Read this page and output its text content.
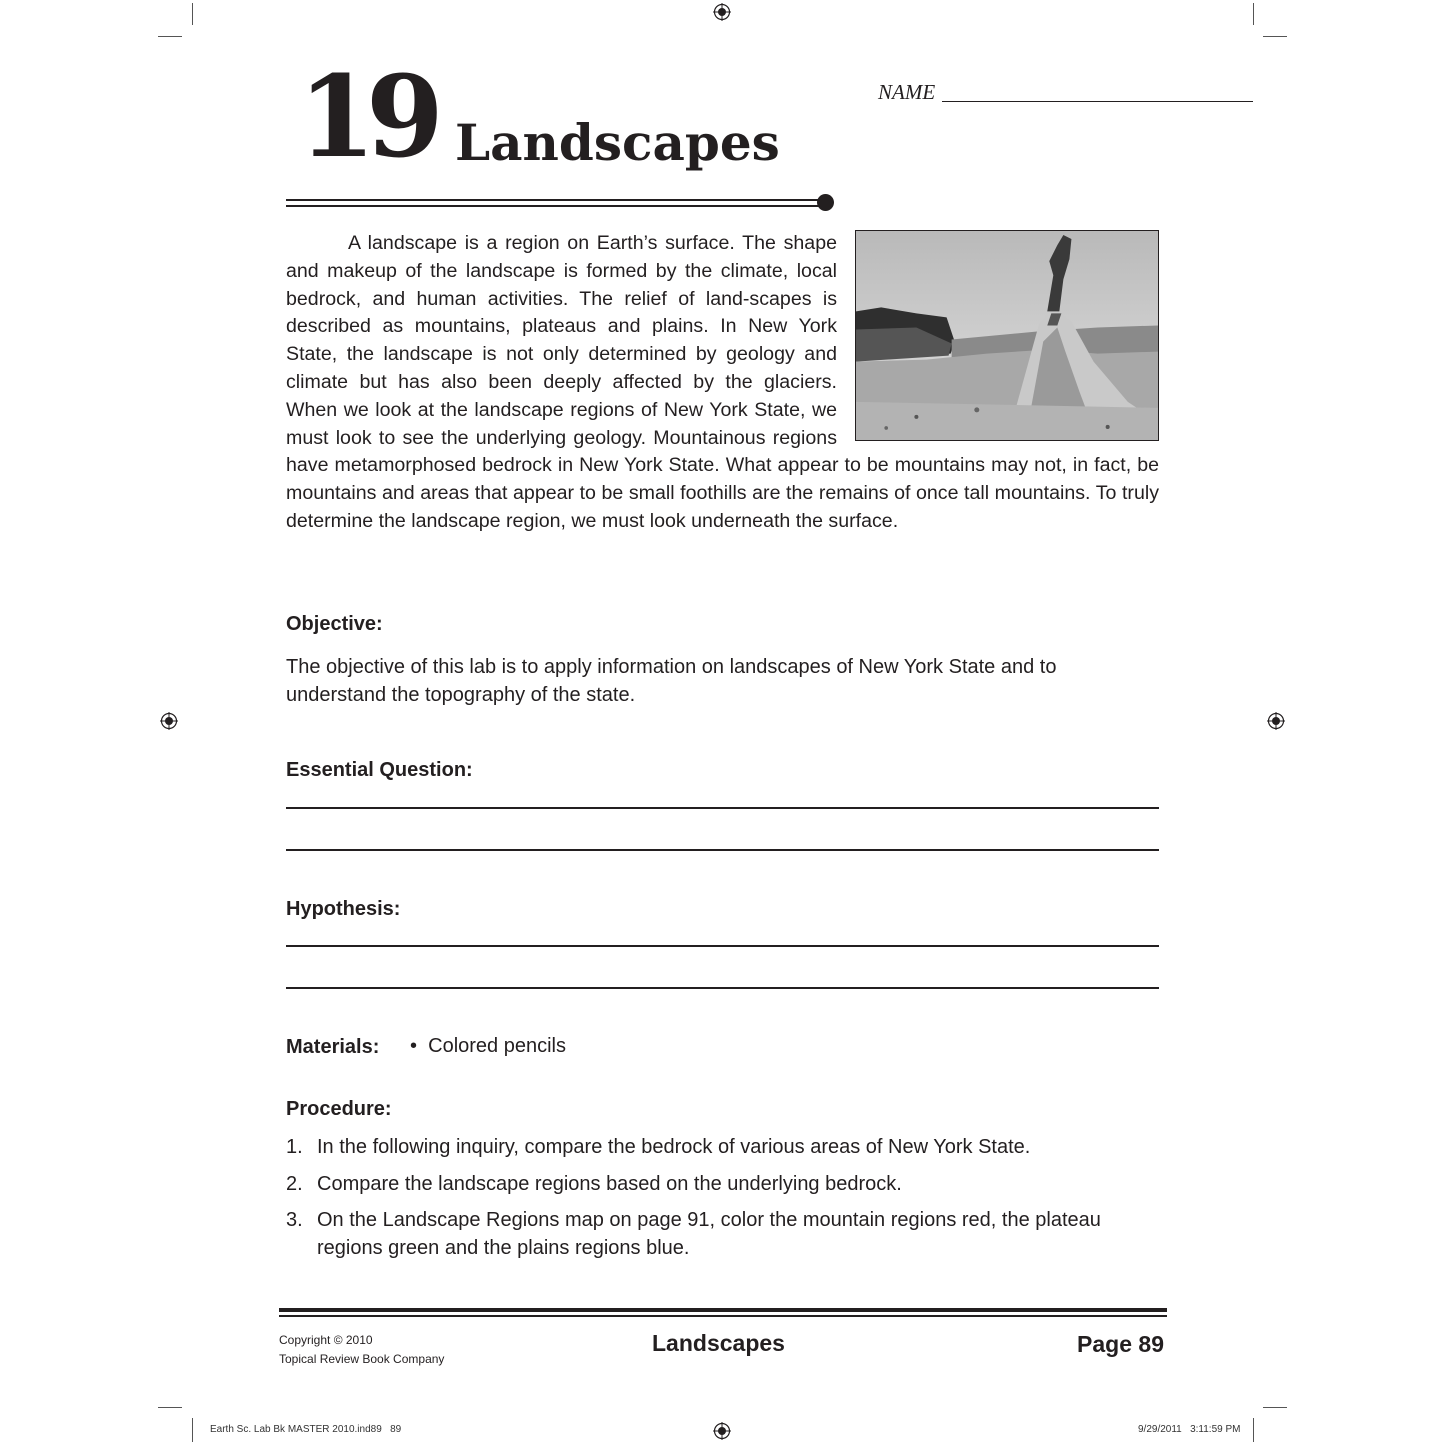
19 Landscapes
NAME

A landscape is a region on Earth’s surface. The shape and makeup of the landscape is formed by the climate, local bedrock, and human activities. The relief of land-scapes is described as mountains, plateaus and plains. In New York State, the landscape is not only determined by geology and climate but has also been deeply affected by the glaciers. When we look at the landscape regions of New York State, we must look to see the underlying geology. Mountainous regions have metamorphosed bedrock in New York State. What appear to be mountains may not, in fact, be mountains and areas that appear to be small foothills are the remains of once tall mountains. To truly determine the landscape region, we must look underneath the surface.

Objective:

The objective of this lab is to apply information on landscapes of New York State and to understand the topography of the state.

Essential Question:
Hypothesis:
Materials: •  Colored pencils
Procedure:
1. In the following inquiry, compare the bedrock of various areas of New York State.
2. Compare the landscape regions based on the underlying bedrock.
3. On the Landscape Regions map on page 91, color the mountain regions red, the plateau regions green and the plains regions blue.
Copyright © 2010
Topical Review Book Company
Landscapes	Page 89
Earth Sc. Lab Bk MASTER 2010.ind89   89	9/29/2011   3:11:59 PM
